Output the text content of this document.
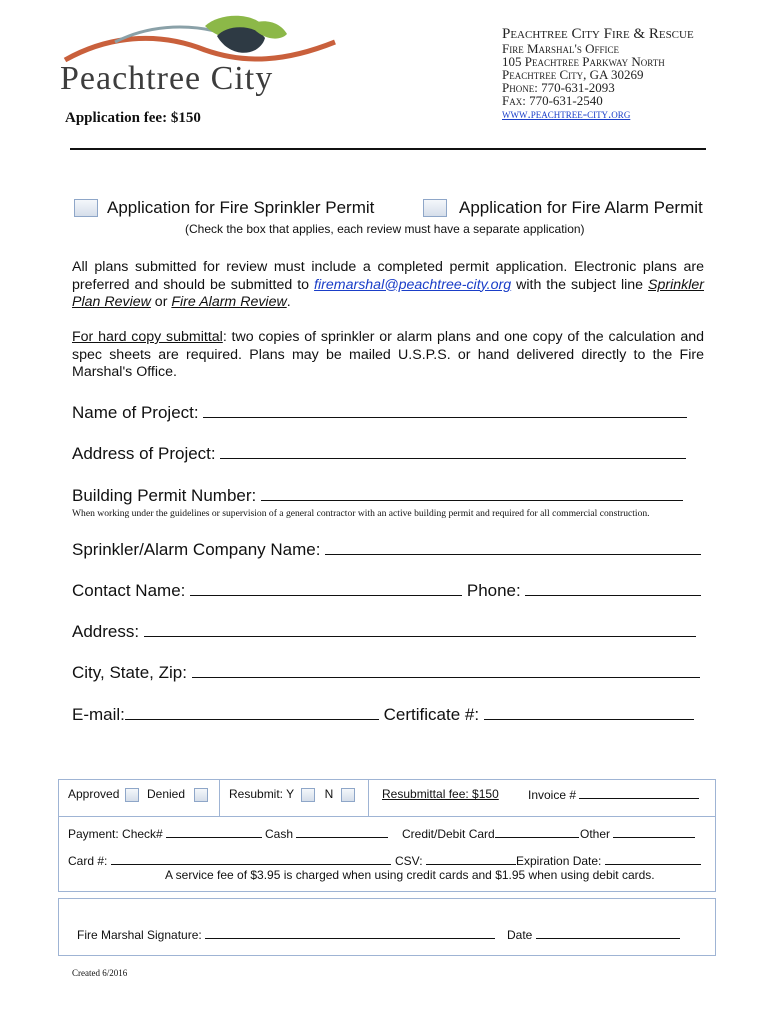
Peachtree City
Peachtree City Fire & Rescue
Fire Marshal's Office
105 Peachtree Parkway North
Peachtree City, GA 30269
Phone: 770-631-2093
Fax: 770-631-2540
www.peachtree-city.org
Application fee: $150
Application for Fire Sprinkler Permit	Application for Fire Alarm Permit
(Check the box that applies, each review must have a separate application)
All plans submitted for review must include a completed permit application. Electronic plans are preferred and should be submitted to firemarshal@peachtree-city.org with the subject line Sprinkler Plan Review or Fire Alarm Review.
For hard copy submittal: two copies of sprinkler or alarm plans and one copy of the calculation and spec sheets are required. Plans may be mailed U.S.P.S. or hand delivered directly to the Fire Marshal's Office.
Name of Project:
Address of Project:
Building Permit Number:
When working under the guidelines or supervision of a general contractor with an active building permit and required for all commercial construction.
Sprinkler/Alarm Company Name:
Contact Name:	Phone:
Address:
City, State, Zip:
E-mail:	Certificate #:
Approved	Denied	Resubmit: Y	N	Resubmittal fee: $150 Invoice #
Payment: Check#	Cash	Credit/Debit Card	Other
Card #:	CSV:	Expiration Date:
A service fee of $3.95 is charged when using credit cards and $1.95 when using debit cards.
Fire Marshal Signature:	Date
Created 6/2016
